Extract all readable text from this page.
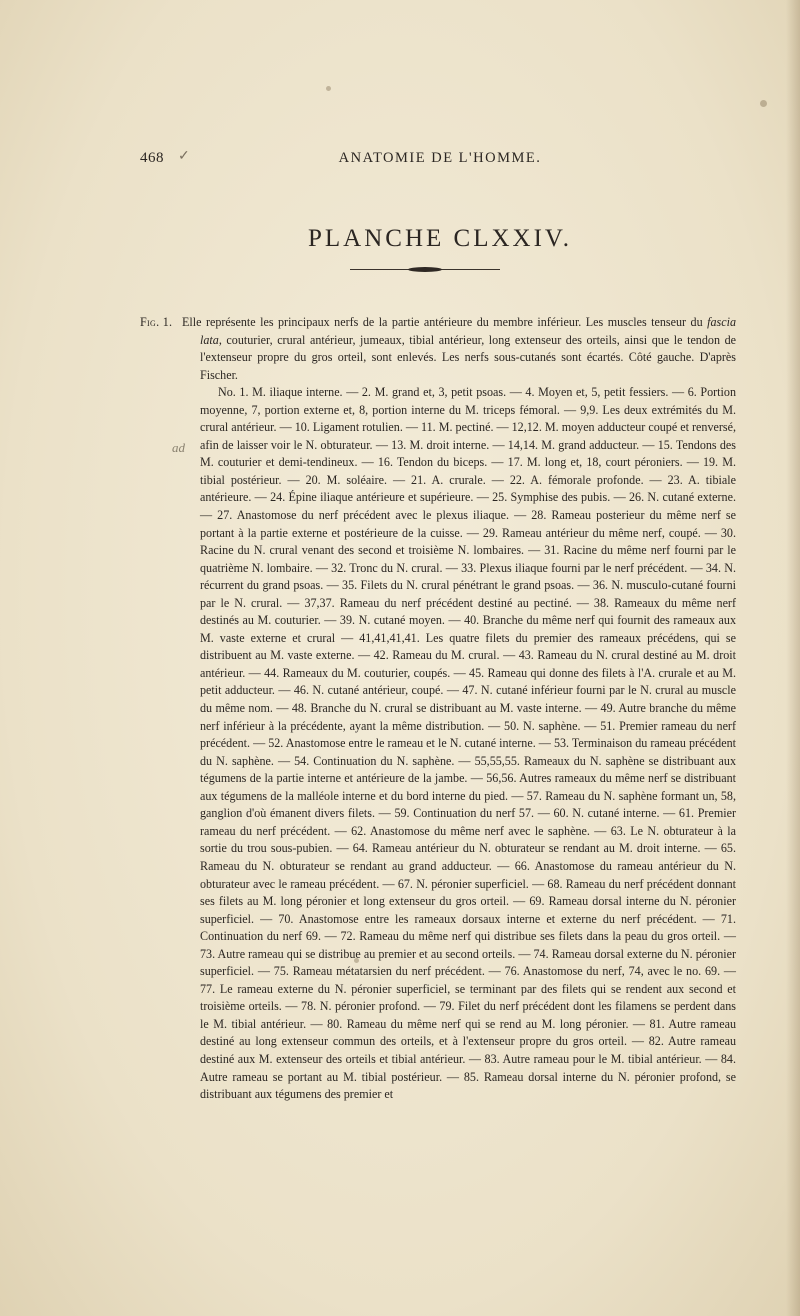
468 ✓	ANATOMIE DE L'HOMME.
PLANCHE CLXXIV.
ad
Fig. 1. Elle représente les principaux nerfs de la partie antérieure du membre inférieur. Les muscles tenseur du fascia lata, couturier, crural antérieur, jumeaux, tibial antérieur, long extenseur des orteils, ainsi que le tendon de l'extenseur propre du gros orteil, sont enlevés. Les nerfs sous-cutanés sont écartés. Côté gauche. D'après Fischer.

No. 1. M. iliaque interne. — 2. M. grand et, 3, petit psoas. — 4. Moyen et, 5, petit fessiers. — 6. Portion moyenne, 7, portion externe et, 8, portion interne du M. triceps fémoral. — 9,9. Les deux extrémités du M. crural antérieur. — 10. Ligament rotulien. — 11. M. pectiné. — 12,12. M. moyen adducteur coupé et renversé, afin de laisser voir le N. obturateur. — 13. M. droit interne. — 14,14. M. grand adducteur. — 15. Tendons des M. couturier et demi-tendineux. — 16. Tendon du biceps. — 17. M. long et, 18, court péroniers. — 19. M. tibial postérieur. — 20. M. soléaire. — 21. A. crurale. — 22. A. fémorale profonde. — 23. A. tibiale antérieure. — 24. Épine iliaque antérieure et supérieure. — 25. Symphise des pubis. — 26. N. cutané externe. — 27. Anastomose du nerf précédent avec le plexus iliaque. — 28. Rameau posterieur du même nerf se portant à la partie externe et postérieure de la cuisse. — 29. Rameau antérieur du même nerf, coupé. — 30. Racine du N. crural venant des second et troisième N. lombaires. — 31. Racine du même nerf fourni par le quatrième N. lombaire. — 32. Tronc du N. crural. — 33. Plexus iliaque fourni par le nerf précédent. — 34. N. récurrent du grand psoas. — 35. Filets du N. crural pénétrant le grand psoas. — 36. N. musculo-cutané fourni par le N. crural. — 37,37. Rameau du nerf précédent destiné au pectiné. — 38. Rameaux du même nerf destinés au M. couturier. — 39. N. cutané moyen. — 40. Branche du même nerf qui fournit des rameaux aux M. vaste externe et crural — 41,41,41,41. Les quatre filets du premier des rameaux précédens, qui se distribuent au M. vaste externe. — 42. Rameau du M. crural. — 43. Rameau du N. crural destiné au M. droit antérieur. — 44. Rameaux du M. couturier, coupés. — 45. Rameau qui donne des filets à l'A. crurale et au M. petit adducteur. — 46. N. cutané antérieur, coupé. — 47. N. cutané inférieur fourni par le N. crural au muscle du même nom. — 48. Branche du N. crural se distribuant au M. vaste interne. — 49. Autre branche du même nerf inférieur à la précédente, ayant la même distribution. — 50. N. saphène. — 51. Premier rameau du nerf précédent. — 52. Anastomose entre le rameau et le N. cutané interne. — 53. Terminaison du rameau précédent du N. saphène. — 54. Continuation du N. saphène. — 55,55,55. Rameaux du N. saphène se distribuant aux tégumens de la partie interne et antérieure de la jambe. — 56,56. Autres rameaux du même nerf se distribuant aux tégumens de la malléole interne et du bord interne du pied. — 57. Rameau du N. saphène formant un, 58, ganglion d'où émanent divers filets. — 59. Continuation du nerf 57. — 60. N. cutané interne. — 61. Premier rameau du nerf précédent. — 62. Anastomose du même nerf avec le saphène. — 63. Le N. obturateur à la sortie du trou sous-pubien. — 64. Rameau antérieur du N. obturateur se rendant au M. droit interne. — 65. Rameau du N. obturateur se rendant au grand adducteur. — 66. Anastomose du rameau antérieur du N. obturateur avec le rameau précédent. — 67. N. péronier superficiel. — 68. Rameau du nerf précédent donnant ses filets au M. long péronier et long extenseur du gros orteil. — 69. Rameau dorsal interne du N. péronier superficiel. — 70. Anastomose entre les rameaux dorsaux interne et externe du nerf précédent. — 71. Continuation du nerf 69. — 72. Rameau du même nerf qui distribue ses filets dans la peau du gros orteil. — 73. Autre rameau qui se distribue au premier et au second orteils. — 74. Rameau dorsal externe du N. péronier superficiel. — 75. Rameau métatarsien du nerf précédent. — 76. Anastomose du nerf, 74, avec le no. 69. — 77. Le rameau externe du N. péronier superficiel, se terminant par des filets qui se rendent aux second et troisième orteils. — 78. N. péronier profond. — 79. Filet du nerf précédent dont les filamens se perdent dans le M. tibial antérieur. — 80. Rameau du même nerf qui se rend au M. long péronier. — 81. Autre rameau destiné au long extenseur commun des orteils, et à l'extenseur propre du gros orteil. — 82. Autre rameau destiné aux M. extenseur des orteils et tibial antérieur. — 83. Autre rameau pour le M. tibial antérieur. — 84. Autre rameau se portant au M. tibial postérieur. — 85. Rameau dorsal interne du N. péronier profond, se distribuant aux tégumens des premier et
